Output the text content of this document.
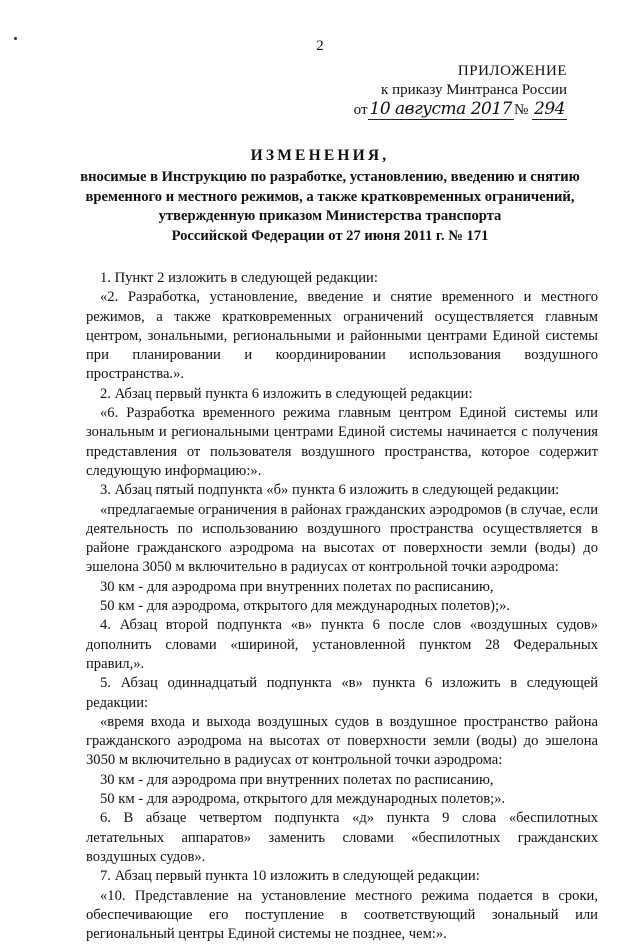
2
ПРИЛОЖЕНИЕ
к приказу Минтранса России
от 10 августа 2017 № 294
ИЗМЕНЕНИЯ,
вносимые в Инструкцию по разработке, установлению, введению и снятию
временного и местного режимов, а также кратковременных ограничений,
утвержденную приказом Министерства транспорта
Российской Федерации от 27 июня 2011 г. № 171

1. Пункт 2 изложить в следующей редакции:

«2. Разработка, установление, введение и снятие временного и местного режимов, а также кратковременных ограничений осуществляется главным центром, зональными, региональными и районными центрами Единой системы при планировании и координировании использования воздушного пространства.».

2. Абзац первый пункта 6 изложить в следующей редакции:

«6. Разработка временного режима главным центром Единой системы или зональным и региональными центрами Единой системы начинается с получения представления от пользователя воздушного пространства, которое содержит следующую информацию:».

3. Абзац пятый подпункта «б» пункта 6 изложить в следующей редакции:

«предлагаемые ограничения в районах гражданских аэродромов (в случае, если деятельность по использованию воздушного пространства осуществляется в районе гражданского аэродрома на высотах от поверхности земли (воды) до эшелона 3050 м включительно в радиусах от контрольной точки аэродрома:

30 км - для аэродрома при внутренних полетах по расписанию,

50 км - для аэродрома, открытого для международных полетов);».

4. Абзац второй подпункта «в» пункта 6 после слов «воздушных судов» дополнить словами «шириной, установленной пунктом 28 Федеральных правил,».

5. Абзац одиннадцатый подпункта «в» пункта 6 изложить в следующей редакции:

«время входа и выхода воздушных судов в воздушное пространство района гражданского аэродрома на высотах от поверхности земли (воды) до эшелона 3050 м включительно в радиусах от контрольной точки аэродрома:

30 км - для аэродрома при внутренних полетах по расписанию,

50 км - для аэродрома, открытого для международных полетов;».

6. В абзаце четвертом подпункта «д» пункта 9 слова «беспилотных летательных аппаратов» заменить словами «беспилотных гражданских воздушных судов».

7. Абзац первый пункта 10 изложить в следующей редакции:

«10. Представление на установление местного режима подается в сроки, обеспечивающие его поступление в соответствующий зональный или региональный центры Единой системы не позднее, чем:».
